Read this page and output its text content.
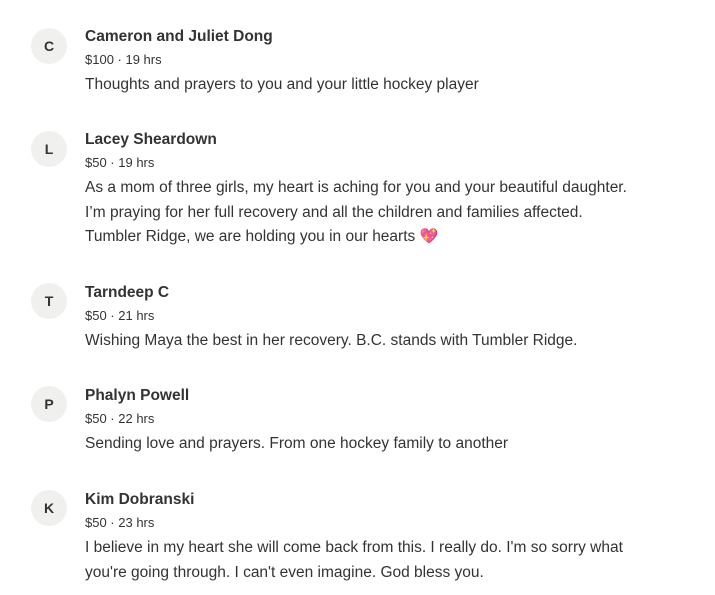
C
Cameron and Juliet Dong
$100 · 19 hrs
Thoughts and prayers to you and your little hockey player
L
Lacey Sheardown
$50 · 19 hrs
As a mom of three girls, my heart is aching for you and your beautiful daughter.
I’m praying for her full recovery and all the children and families affected.
Tumbler Ridge, we are holding you in our hearts 💖
T	Tarndeep C
$50 · 21 hrs
Wishing Maya the best in her recovery. B.C. stands with Tumbler Ridge.
P	Phalyn Powell
$50 · 22 hrs
Sending love and prayers. From one hockey family to another
K	Kim Dobranski
$50 · 23 hrs
I believe in my heart she will come back from this. I really do. I'm so sorry what
you're going through. I can't even imagine. God bless you.
